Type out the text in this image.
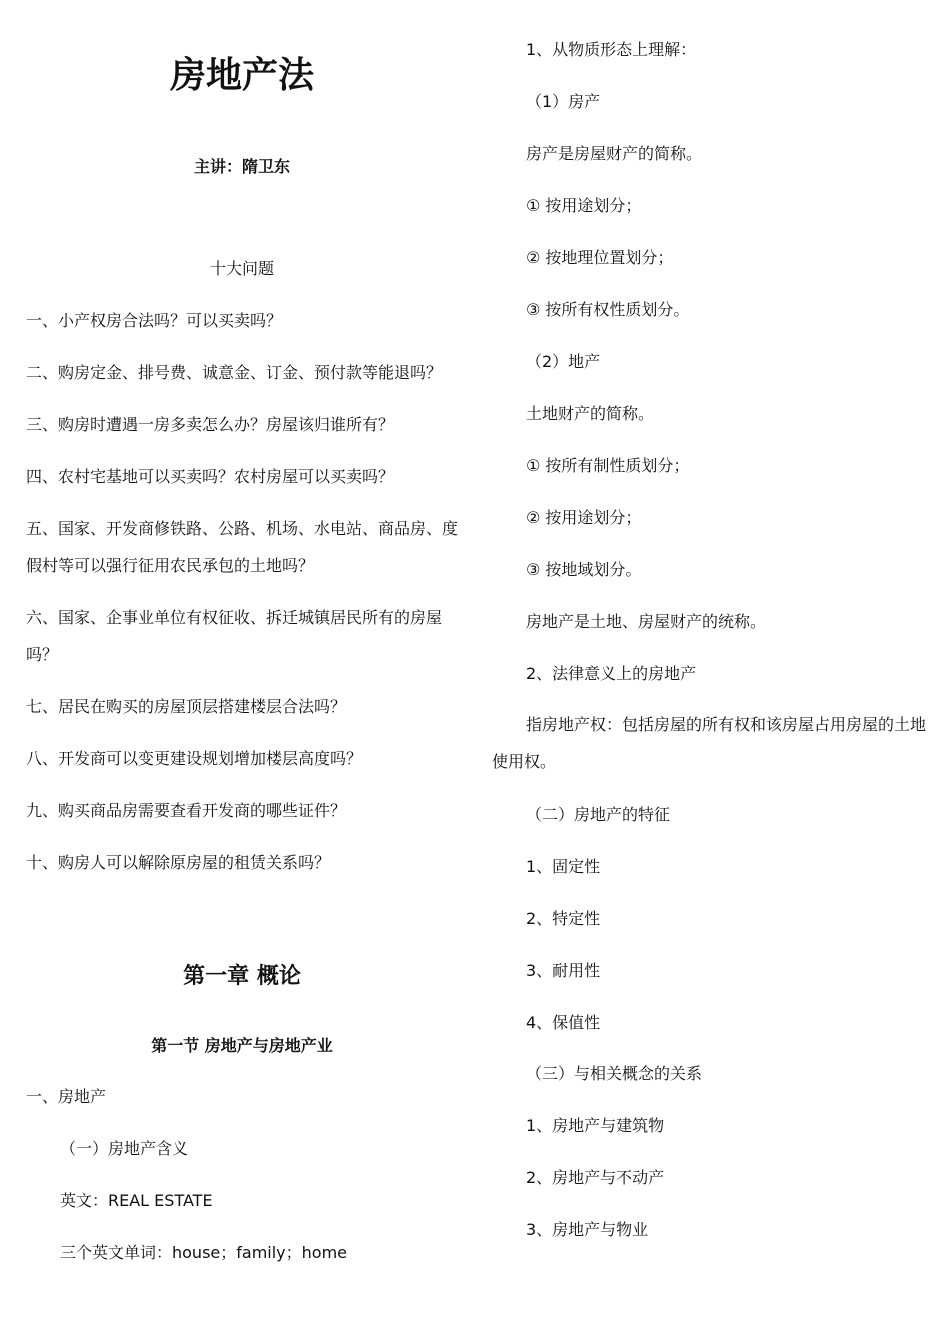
房地产法
主讲：隋卫东
十大问题
一、小产权房合法吗？可以买卖吗？
二、购房定金、排号费、诚意金、订金、预付款等能退吗？
三、购房时遭遇一房多卖怎么办？房屋该归谁所有？
四、农村宅基地可以买卖吗？农村房屋可以买卖吗？
五、国家、开发商修铁路、公路、机场、水电站、商品房、度假村等可以强行征用农民承包的土地吗？
六、国家、企事业单位有权征收、拆迁城镇居民所有的房屋吗？
七、居民在购买的房屋顶层搭建楼层合法吗？
八、开发商可以变更建设规划增加楼层高度吗？
九、购买商品房需要查看开发商的哪些证件？
十、购房人可以解除原房屋的租赁关系吗？
第一章 概论
第一节 房地产与房地产业
一、房地产
（一）房地产含义
英文：REAL ESTATE
三个英文单词：house；family；home
1、从物质形态上理解：
（1）房产
房产是房屋财产的简称。
① 按用途划分；
② 按地理位置划分；
③ 按所有权性质划分。
（2）地产
土地财产的简称。
① 按所有制性质划分；
② 按用途划分；
③ 按地域划分。
房地产是土地、房屋财产的统称。
2、法律意义上的房地产
指房地产权：包括房屋的所有权和该房屋占用房屋的土地使用权。
（二）房地产的特征
1、固定性
2、特定性
3、耐用性
4、保值性
（三）与相关概念的关系
1、房地产与建筑物
2、房地产与不动产
3、房地产与物业
